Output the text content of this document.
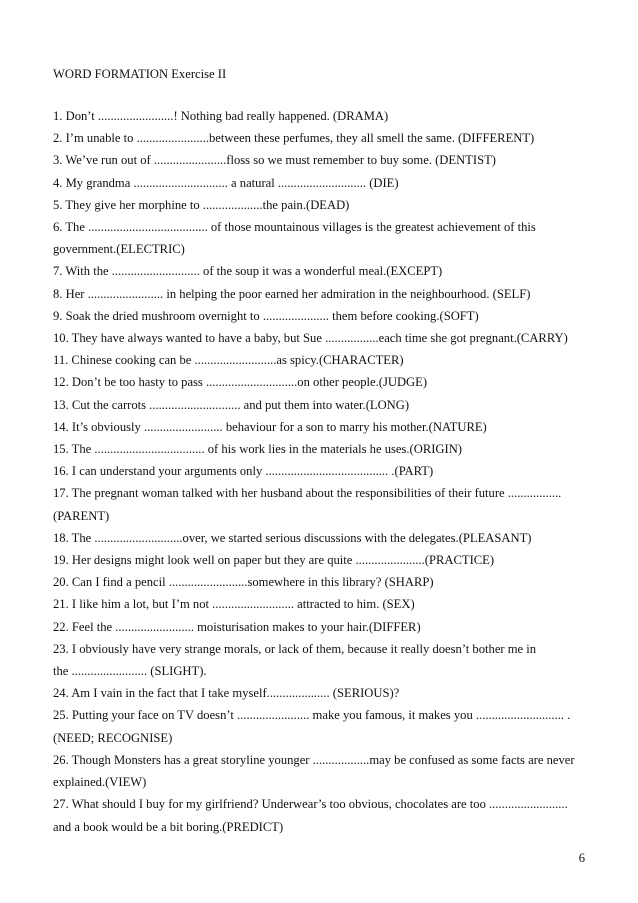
WORD FORMATION Exercise II
1. Don’t ........................! Nothing bad really happened. (DRAMA)
2. I’m unable to .......................between these perfumes, they all smell the same. (DIFFERENT)
3. We’ve run out of .......................floss so we must remember to buy some. (DENTIST)
4. My grandma .............................. a natural ............................ (DIE)
5. They give her morphine to ...................the pain.(DEAD)
6. The ...................................... of those mountainous villages is the greatest achievement of this
government.(ELECTRIC)
7. With the ............................ of the soup it was a wonderful meal.(EXCEPT)
8. Her ........................ in helping the poor earned her admiration in the neighbourhood. (SELF)
9. Soak the dried mushroom overnight to ..................... them before cooking.(SOFT)
10. They have always wanted to have a baby, but Sue .................each time she got pregnant.(CARRY)
11. Chinese cooking can be ..........................as spicy.(CHARACTER)
12. Don’t be too hasty to pass .............................on other people.(JUDGE)
13. Cut the carrots ............................. and put them into water.(LONG)
14. It’s obviously ......................... behaviour for a son to marry his mother.(NATURE)
15. The ................................... of his work lies in the materials he uses.(ORIGIN)
16. I can understand your arguments only ....................................... .(PART)
17. The pregnant woman talked with her husband about the responsibilities of their future .................
(PARENT)
18. The ............................over, we started serious discussions with the delegates.(PLEASANT)
19. Her designs might look well on paper but they are quite ......................(PRACTICE)
20. Can I find a pencil .........................somewhere in this library? (SHARP)
21. I like him a lot, but I’m not .......................... attracted to him. (SEX)
22. Feel the ......................... moisturisation makes to your hair.(DIFFER)
23. I obviously have very strange morals, or lack of them, because it really doesn’t bother me in
the ........................ (SLIGHT).
24. Am I vain in the fact that I take myself.................... (SERIOUS)?
25. Putting your face on TV doesn’t ....................... make you famous, it makes you ............................ .
(NEED; RECOGNISE)
26. Though Monsters has a great storyline younger ..................may be confused as some facts are never
explained.(VIEW)
27. What should I buy for my girlfriend? Underwear’s too obvious, chocolates are too .........................
and a book would be a bit boring.(PREDICT)
6
